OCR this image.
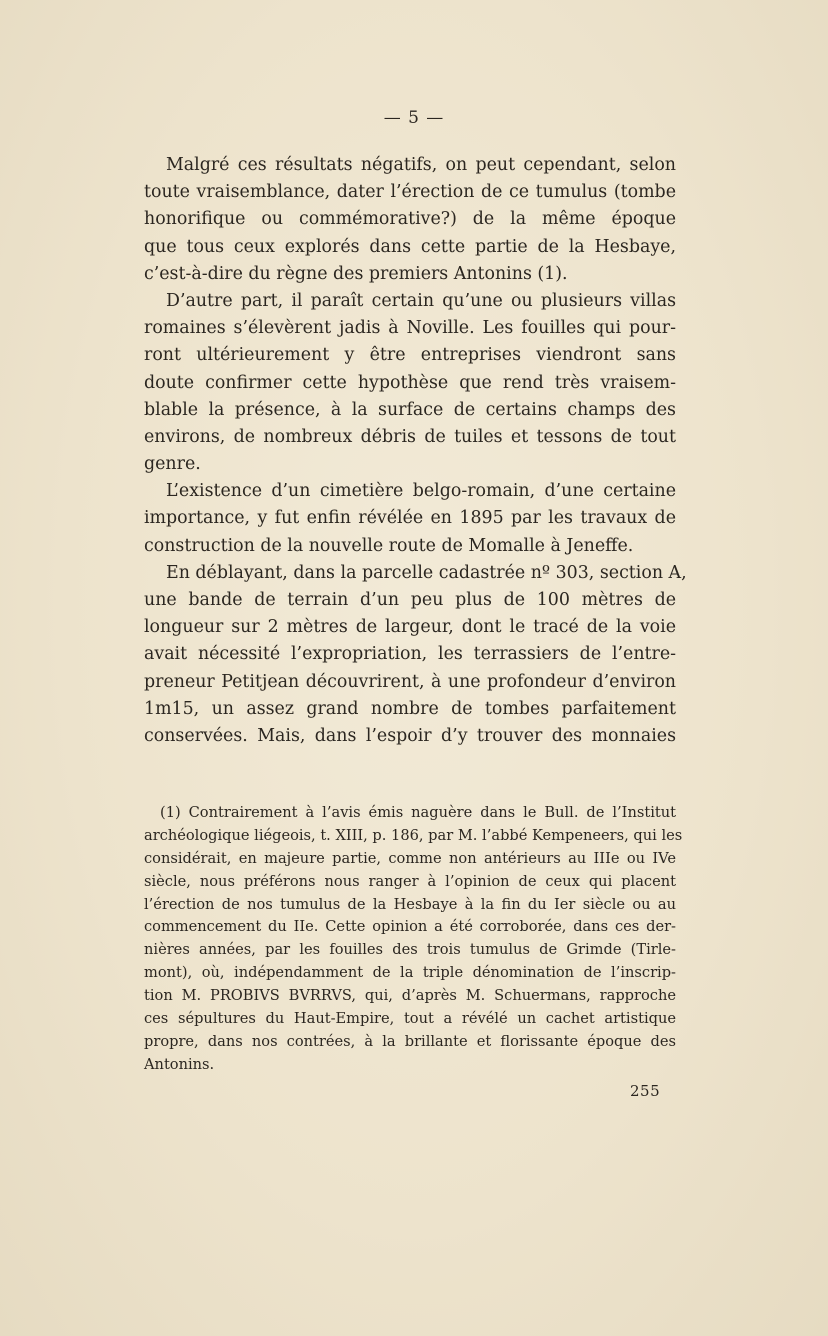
— 5 —
Malgré ces résultats négatifs, on peut cependant, selon
toute vraisemblance, dater l’érection de ce tumulus (tombe
honorifique ou commémorative?) de la même époque
que tous ceux explorés dans cette partie de la Hesbaye,
c’est-à-dire du règne des premiers Antonins (1).
D’autre part, il paraît certain qu’une ou plusieurs villas
romaines s’élevèrent jadis à Noville. Les fouilles qui pour-
ront ultérieurement y être entreprises viendront sans
doute confirmer cette hypothèse que rend très vraisem-
blable la présence, à la surface de certains champs des
environs, de nombreux débris de tuiles et tessons de tout
genre.
L’existence d’un cimetière belgo-romain, d’une certaine
importance, y fut enfin révélée en 1895 par les travaux de
construction de la nouvelle route de Momalle à Jeneffe.
En déblayant, dans la parcelle cadastrée nº 303, section A,
une bande de terrain d’un peu plus de 100 mètres de
longueur sur 2 mètres de largeur, dont le tracé de la voie
avait nécessité l’expropriation, les terrassiers de l’entre-
preneur Petitjean découvrirent, à une profondeur d’environ
1m15, un assez grand nombre de tombes parfaitement
conservées. Mais, dans l’espoir d’y trouver des monnaies
(1) Contrairement à l’avis émis naguère dans le Bull. de l’Institut
archéologique liégeois, t. XIII, p. 186, par M. l’abbé Kempeneers, qui les
considérait, en majeure partie, comme non antérieurs au IIIe ou IVe
siècle, nous préférons nous ranger à l’opinion de ceux qui placent
l’érection de nos tumulus de la Hesbaye à la fin du Ier siècle ou au
commencement du IIe. Cette opinion a été corroborée, dans ces der-
nières années, par les fouilles des trois tumulus de Grimde (Tirle-
mont), où, indépendamment de la triple dénomination de l’inscrip-
tion M. PROBIVS BVRRVS, qui, d’après M. Schuermans, rapproche
ces sépultures du Haut-Empire, tout a révélé un cachet artistique
propre, dans nos contrées, à la brillante et florissante époque des
Antonins.
255
